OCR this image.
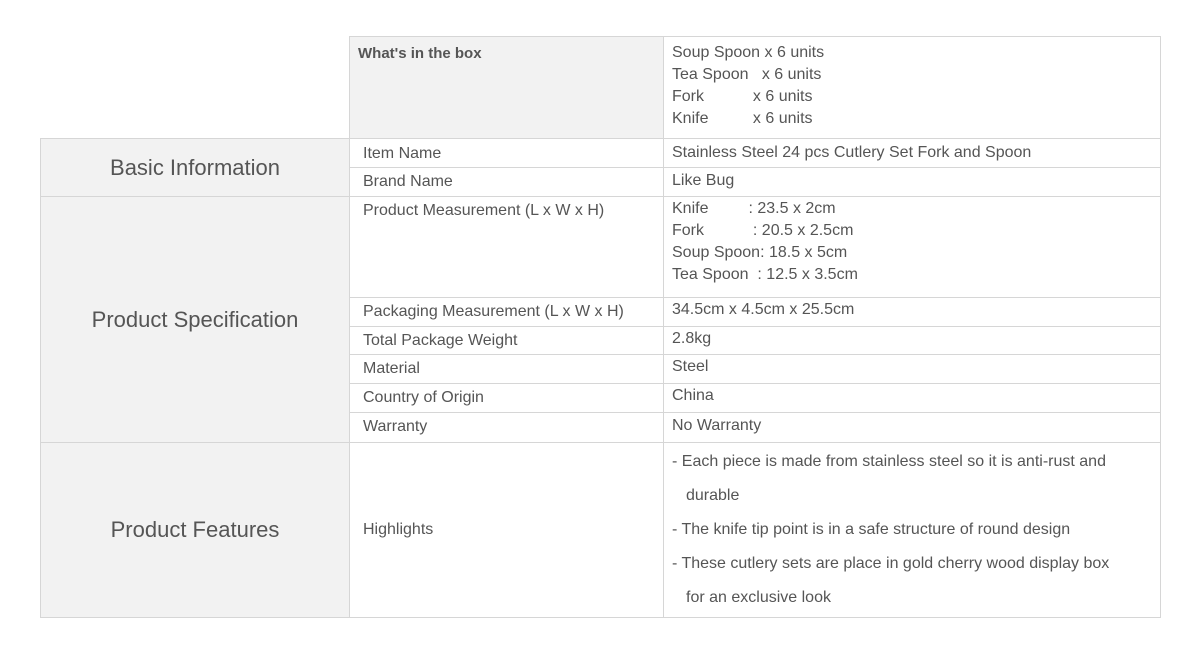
	What's in the box	Soup Spoon x 6 units
Tea Spoon   x 6 units
Fork           x 6 units
Knife          x 6 units

Basic Information	Item Name	Stainless Steel 24 pcs Cutlery Set Fork and Spoon
	Brand Name	Like Bug
Product Specification	Product Measurement (L x W x H)	Knife         : 23.5 x 2cm
Fork           : 20.5 x 2.5cm
Soup Spoon: 18.5 x 5cm
Tea Spoon  : 12.5 x 3.5cm

	Packaging Measurement (L x W x H)	34.5cm x 4.5cm x 25.5cm
	Total Package Weight	2.8kg
	Material	Steel
	Country of Origin	China
	Warranty	No Warranty
Product Features	Highlights	- Each piece is made from stainless steel so it is anti-rust and
durable
- The knife tip point is in a safe structure of round design
- These cutlery sets are place in gold cherry wood display box
for an exclusive look
